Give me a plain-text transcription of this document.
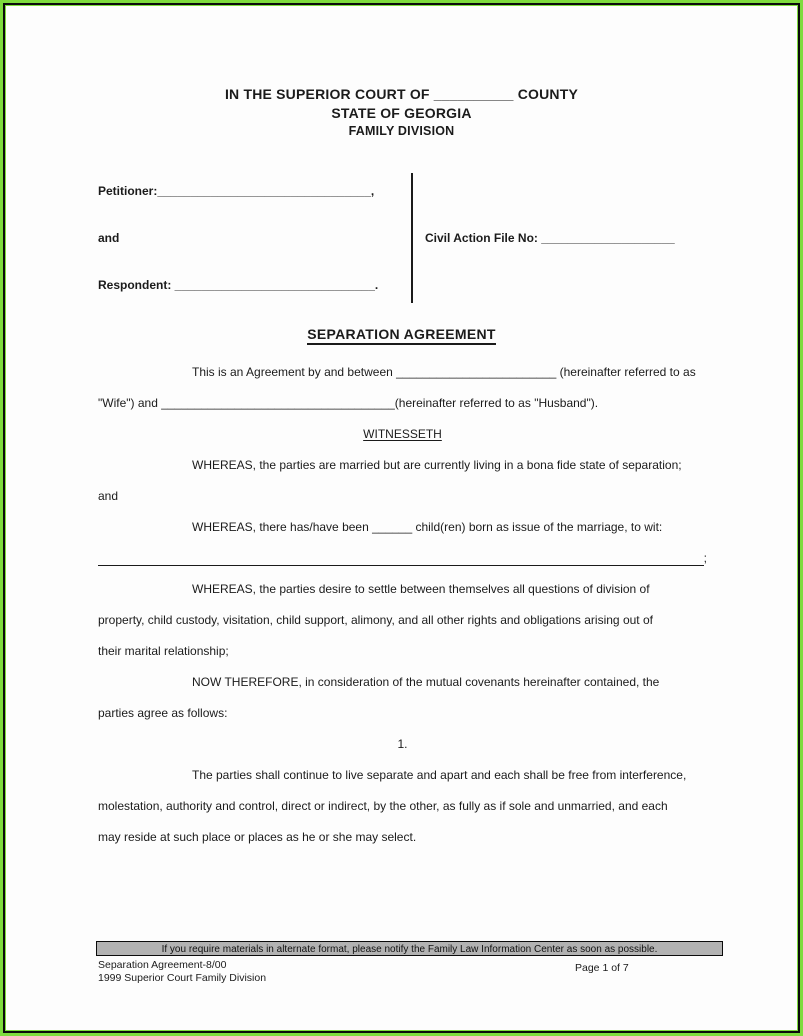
IN THE SUPERIOR COURT OF __________ COUNTY
STATE OF GEORGIA
FAMILY DIVISION
Petitioner:________________________________,
and
Respondent: ______________________________.
Civil Action File No: ____________________
SEPARATION AGREEMENT
This is an Agreement by and between ________________________ (hereinafter referred to as
"Wife") and ___________________________________(hereinafter referred to as "Husband").
WITNESSETH
WHEREAS, the parties are married but are currently living in a bona fide state of separation;
and
WHEREAS, there has/have been ______ child(ren) born as issue of the marriage, to wit:
;
WHEREAS, the parties desire to settle between themselves all questions of division of
property, child custody, visitation, child support, alimony, and all other rights and obligations arising out of
their marital relationship;
NOW THEREFORE, in consideration of the mutual covenants hereinafter contained, the
parties agree as follows:
1.
The parties shall continue to live separate and apart and each shall be free from interference,
molestation, authority and control, direct or indirect, by the other, as fully as if sole and unmarried, and each
may reside at such place or places as he or she may select.
If you require materials in alternate format, please notify the Family Law Information Center as soon as possible.
Separation Agreement-8/00
1999 Superior Court Family Division
Page 1 of 7
